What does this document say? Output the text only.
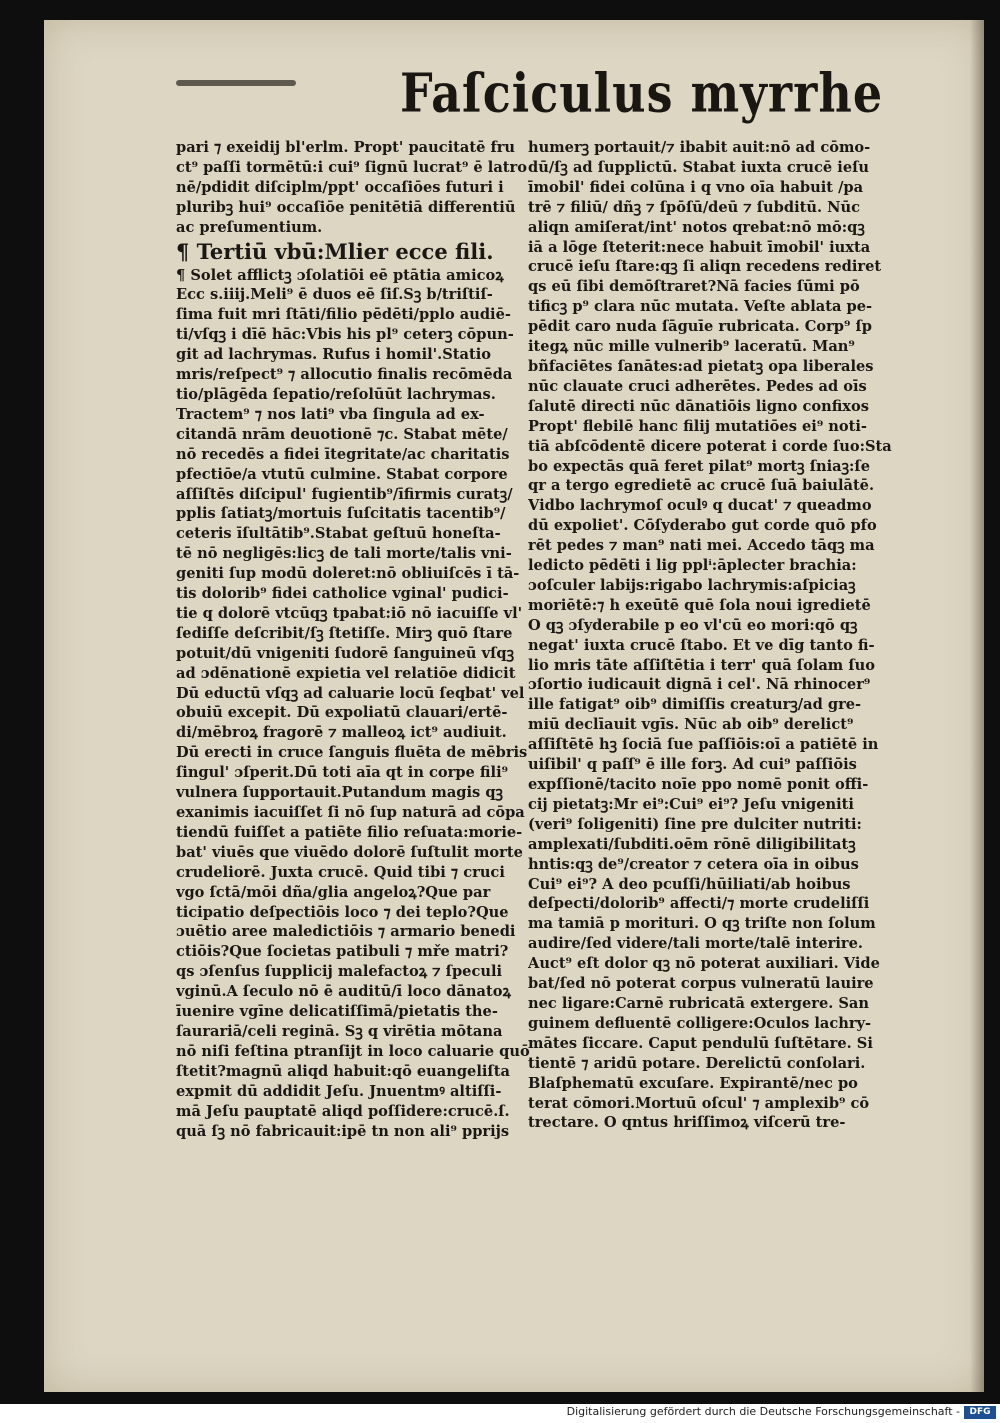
Faſciculus myrrhe
pari ⁊ exeidij bl'erlm. Propt' paucitatē fru
ct⁹ paſſi tormētū:i cui⁹ ſignū lucrat⁹ ē latro
nē/pdidit diſciplm/ppt' occaſiōes futuri i
pluribꝫ hui⁹ occaſiōe penitētiā differentiū
ac preſumentium.
¶ Tertiū vbū:Mlier ecce fili.
¶ Solet afflictꝫ ɔſolatiōi eē ptātia amicoꝝ
Ecc s.iiij.Meli⁹ ē duos eē ſiſ.Sꝫ b/triſtiſ-
ſima fuit mri ſtāti/filio pēdēti/pplo audiē-
ti/vſqꝫ i dīē hāc:Vbis his pl⁹ ceterꝫ cōpun-
git ad lachrymas. Rufus i homil'.Statio
mris/reſpect⁹ ⁊ allocutio finalis recōmēda
tio/plāgēda ſepatio/reſolūūt lachrymas.
Tractem⁹ ⁊ nos lati⁹ vba ſingula ad ex-
citandā nrām deuotionē ⁊c. Stabat mēte/
nō recedēs a fidei ītegritate/ac charitatis
pfectiōe/a vtutū culmine. Stabat corpore
aſſiſtēs diſcipul' fugientib⁹/īfirmis curatꝫ/
pplis ſatiatꝫ/mortuis ſuſcitatis tacentib⁹/
ceteris īſultātib⁹.Stabat geſtuū honeſta-
tē nō negligēs:licꝫ de tali morte/talis vni-
geniti ſup modū doleret:nō obliuiſcēs ī tā-
tis dolorib⁹ fidei catholice vginal' pudici-
tie q dolorē vtcūqꝫ tpabat:iō nō iacuiſſe vl'
ſediſſe deſcribit/ſꝫ ſtetiſſe. Mirꝫ quō ſtare
potuit/dū vnigeniti ſudorē ſanguineū vſqꝫ
ad ɔdēnationē expietia vel relatiōe didicit
Dū eductū vſqꝫ ad caluarie locū ſeqbat' vel
obuiū excepit. Dū expoliatū clauari/ertē-
di/mēbroꝝ fragorē ⁊ malleoꝝ ict⁹ audiuit.
Dū erecti in cruce ſanguis fluēta de mēbris
ſingul' ɔſperit.Dū toti aīa qt in corpe fili⁹
vulnera ſupportauit.Putandum magis qꝫ
exanimis iacuiſſet ſi nō ſup naturā ad cōpa
tiendū fuiſſet a patiēte filio reſuata:morie-
bat' viuēs que viuēdo dolorē ſuſtulit morte
crudeliorē. Juxta crucē. Quid tibi ⁊ cruci
vgo ſctā/mōi dña/glia angeloꝝ?Que par
ticipatio deſpectiōis loco ⁊ dei teplo?Que
ɔuētio aree maledictiōis ⁊ armario benedi
ctiōis?Que ſocietas patibuli ⁊ mře matri?
qs ɔſenſus ſupplicij malefactoꝝ ⁊ ſpeculi
vginū.A ſeculo nō ē auditū/ī loco dānatoꝝ
īuenire vgīne delicatiſſimā/pietatis the-
ſaurariā/celi reginā. Sꝫ q virētia mōtana
nō niſi feſtina ptranſijt in loco caluarie quō
ſtetit?magnū aliqd habuit:qō euangeliſta
expmit dū addidit Jeſu. Jnuentmꝰ altiſſi-
mā Jeſu pauptatē aliqd poſſidere:crucē.ſ.
quā ſꝫ nō fabricauit:ipē tn non ali⁹ pprijs
humerꝫ portauit/⁊ ibabit auit:nō ad cōmo-
dū/ſꝫ ad ſupplictū. Stabat iuxta crucē ieſu
īmobil' fidei colūna i q vno oīa habuit /pa
trē ⁊ filiū/ dñꝫ ⁊ ſpōſū/deū ⁊ ſubditū. Nūc
aliqn amiſerat/int' notos qrebat:nō mō:qꝫ
iā a lōge ſteterit:nece habuit īmobil' iuxta
crucē ieſu ſtare:qꝫ ſi aliqn recedens rediret
qs eū ſibi demōſtraret?Nā facies ſūmi pō
tificꝫ p⁹ clara nūc mutata. Veſte ablata pe-
pēdit caro nuda ſāguīe rubricata. Corp⁹ ſp
itegꝝ nūc mille vulnerib⁹ laceratū. Man⁹
bñfaciētes ſanātes:ad pietatꝫ opa liberales
nūc clauate cruci adherētes. Pedes ad oīs
ſalutē directi nūc dānatiōis ligno confixos
Propt' flebilē hanc filij mutatiōes ei⁹ noti-
tiā abſcōdentē dicere poterat i corde ſuo:Sta
bo expectās quā feret pilat⁹ mortꝫ ſniaꝫ:ſe
qr a tergo egredietē ac crucē ſuā baiulātē.
Vidbo lachrymoſ oculꝰ q ducat' ⁊ queadmo
dū expoliet'. Cōſyderabo gut corde quō pfo
rēt pedes ⁊ man⁹ nati mei. Accedo tāqꝫ ma
ledicto pēdēti i lig pplⁱ:āplecter brachia:
ɔoſculer labijs:rigabo lachrymis:aſpiciaꝫ
moriētē:⁊ h exeūtē quē ſola noui igredietē
O qꝫ ɔſyderabile p eo vl'cū eo mori:qō qꝫ
negat' iuxta crucē ſtabo. Et ve dīg tanto fi-
lio mris tāte aſſiſtētia i terr' quā ſolam ſuo
ɔſortio iudicauit dignā i cel'. Nā rhinocer⁹
ille fatigat⁹ oib⁹ dimiſſis creaturꝫ/ad gre-
miū declīauit vgīs. Nūc ab oib⁹ derelict⁹
aſſiſtētē hꝫ ſociā ſue paſſiōis:oī a patiētē in
uiſibil' q paſſ⁹ ē ille forꝫ. Ad cui⁹ paſſiōis
expſſionē/tacito noīe ppo nomē ponit offi-
cij pietatꝫ:Mr ei⁹:Cui⁹ ei⁹? Jeſu vnigeniti
(veri⁹ ſoligeniti) ſine pre dulciter nutriti:
amplexati/ſubditi.oēm rōnē diligibilitatꝫ
hntis:qꝫ de⁹/creator ⁊ cetera oīa in oibus
Cui⁹ ei⁹? A deo pcuſſi/hūiliati/ab hoibus
deſpecti/dolorib⁹ affecti/⁊ morte crudeliſſi
ma tamiā p morituri. O qꝫ triſte non ſolum
audire/ſed videre/tali morte/talē interire.
Auct⁹ eſt dolor qꝫ nō poterat auxiliari. Vide
bat/ſed nō poterat corpus vulneratū lauire
nec ligare:Carnē rubricatā extergere. San
guinem defluentē colligere:Oculos lachry-
mātes ſiccare. Caput pendulū ſuſtētare. Si
tientē ⁊ aridū potare. Derelictū conſolari.
Blaſphematū excuſare. Expirantē/nec po
terat cōmori.Mortuū oſcul' ⁊ amplexib⁹ cō
trectare. O qntus hriſſimoꝝ viſcerū tre-
Digitalisierung gefördert durch die Deutsche Forschungsgemeinschaft -	DFG
